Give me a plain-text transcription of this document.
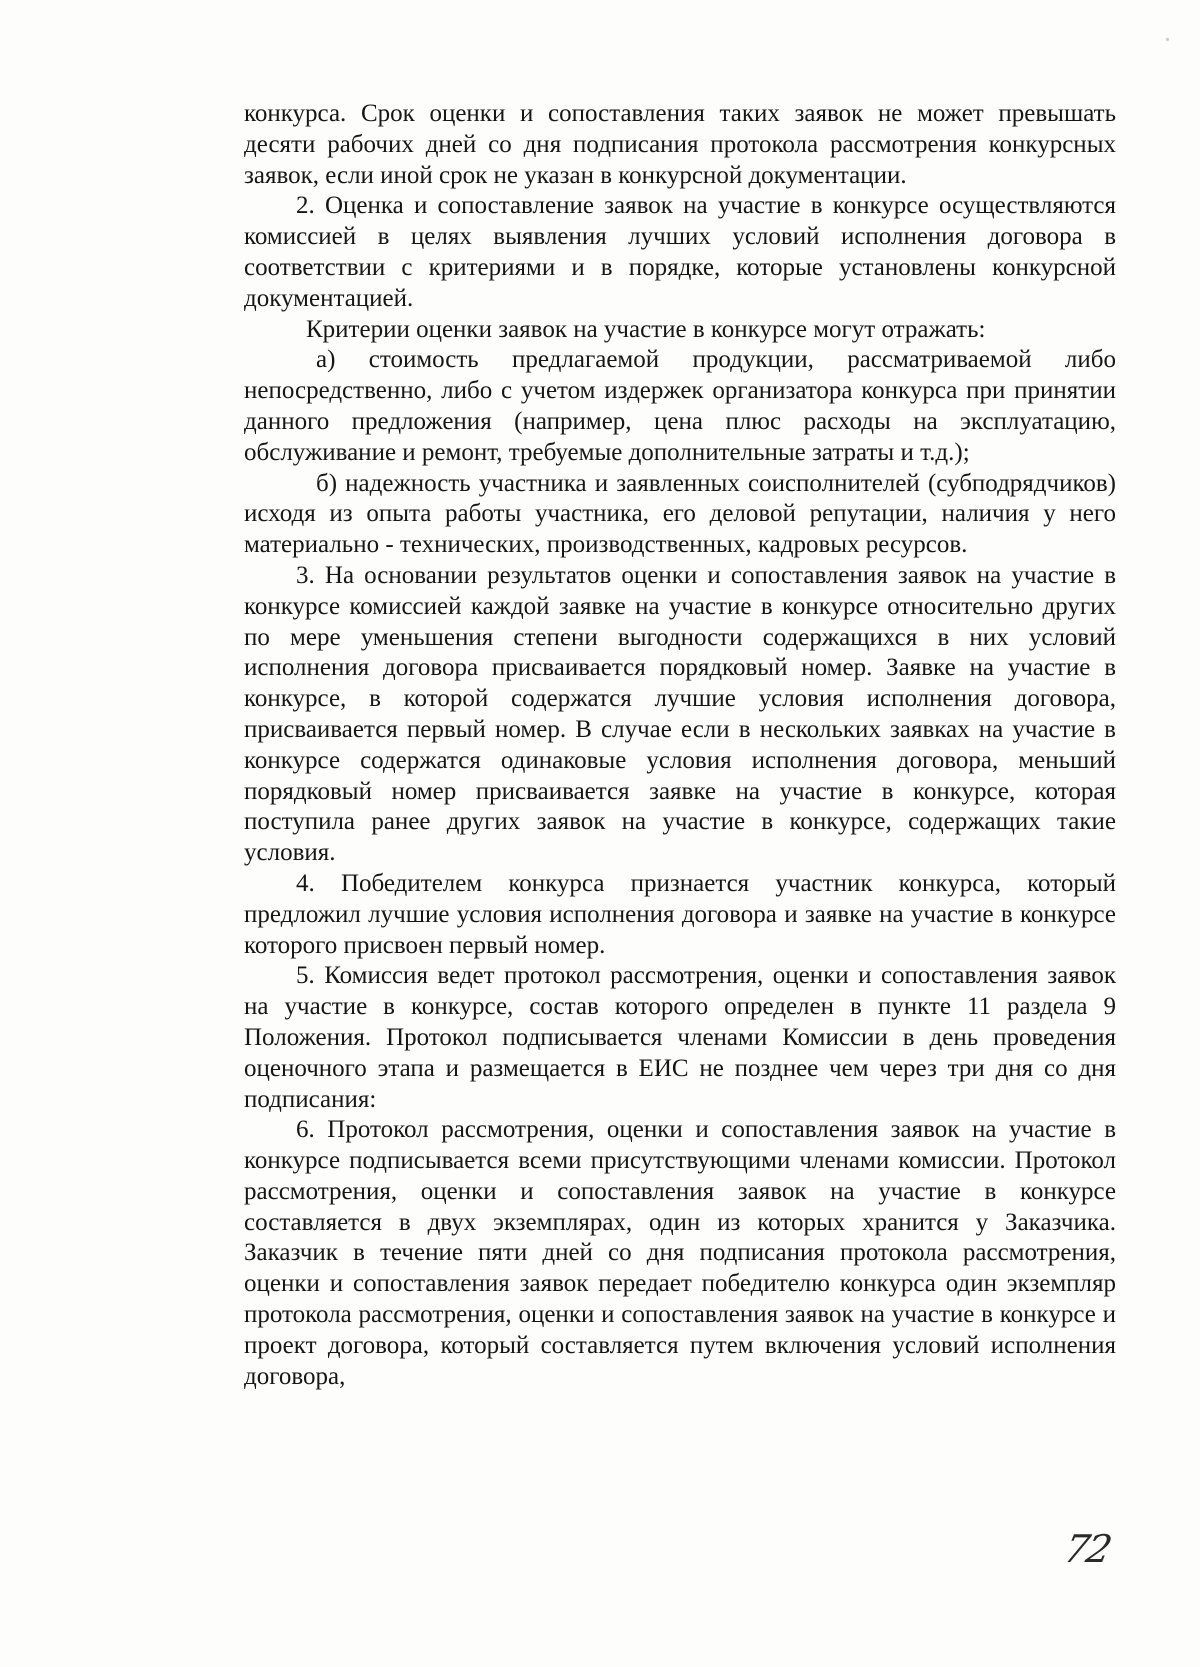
конкурса. Срок оценки и сопоставления таких заявок не может превышать десяти рабочих дней со дня подписания протокола рассмотрения конкурсных заявок, если иной срок не указан в конкурсной документации.

2. Оценка и сопоставление заявок на участие в конкурсе осуществляются комиссией в целях выявления лучших условий исполнения договора в соответствии с критериями и в порядке, которые установлены конкурсной документацией.

Критерии оценки заявок на участие в конкурсе могут отражать:

а) стоимость предлагаемой продукции, рассматриваемой либо непосредственно, либо с учетом издержек организатора конкурса при принятии данного предложения (например, цена плюс расходы на эксплуатацию, обслуживание и ремонт, требуемые дополнительные затраты и т.д.);

б) надежность участника и заявленных соисполнителей (субподрядчиков) исходя из опыта работы участника, его деловой репутации, наличия у него материально - технических, производственных, кадровых ресурсов.

3. На основании результатов оценки и сопоставления заявок на участие в конкурсе комиссией каждой заявке на участие в конкурсе относительно других по мере уменьшения степени выгодности содержащихся в них условий исполнения договора присваивается порядковый номер. Заявке на участие в конкурсе, в которой содержатся лучшие условия исполнения договора, присваивается первый номер. В случае если в нескольких заявках на участие в конкурсе содержатся одинаковые условия исполнения договора, меньший порядковый номер присваивается заявке на участие в конкурсе, которая поступила ранее других заявок на участие в конкурсе, содержащих такие условия.

4. Победителем конкурса признается участник конкурса, который предложил лучшие условия исполнения договора и заявке на участие в конкурсе которого присвоен первый номер.

5. Комиссия ведет протокол рассмотрения, оценки и сопоставления заявок на участие в конкурсе, состав которого определен в пункте 11 раздела 9 Положения. Протокол подписывается членами Комиссии в день проведения оценочного этапа и размещается в ЕИС не позднее чем через три дня со дня подписания:

6. Протокол рассмотрения, оценки и сопоставления заявок на участие в конкурсе подписывается всеми присутствующими членами комиссии. Протокол рассмотрения, оценки и сопоставления заявок на участие в конкурсе составляется в двух экземплярах, один из которых хранится у Заказчика. Заказчик в течение пяти дней со дня подписания протокола рассмотрения, оценки и сопоставления заявок передает победителю конкурса один экземпляр протокола рассмотрения, оценки и сопоставления заявок на участие в конкурсе и проект договора, который составляется путем включения условий исполнения договора,

72
